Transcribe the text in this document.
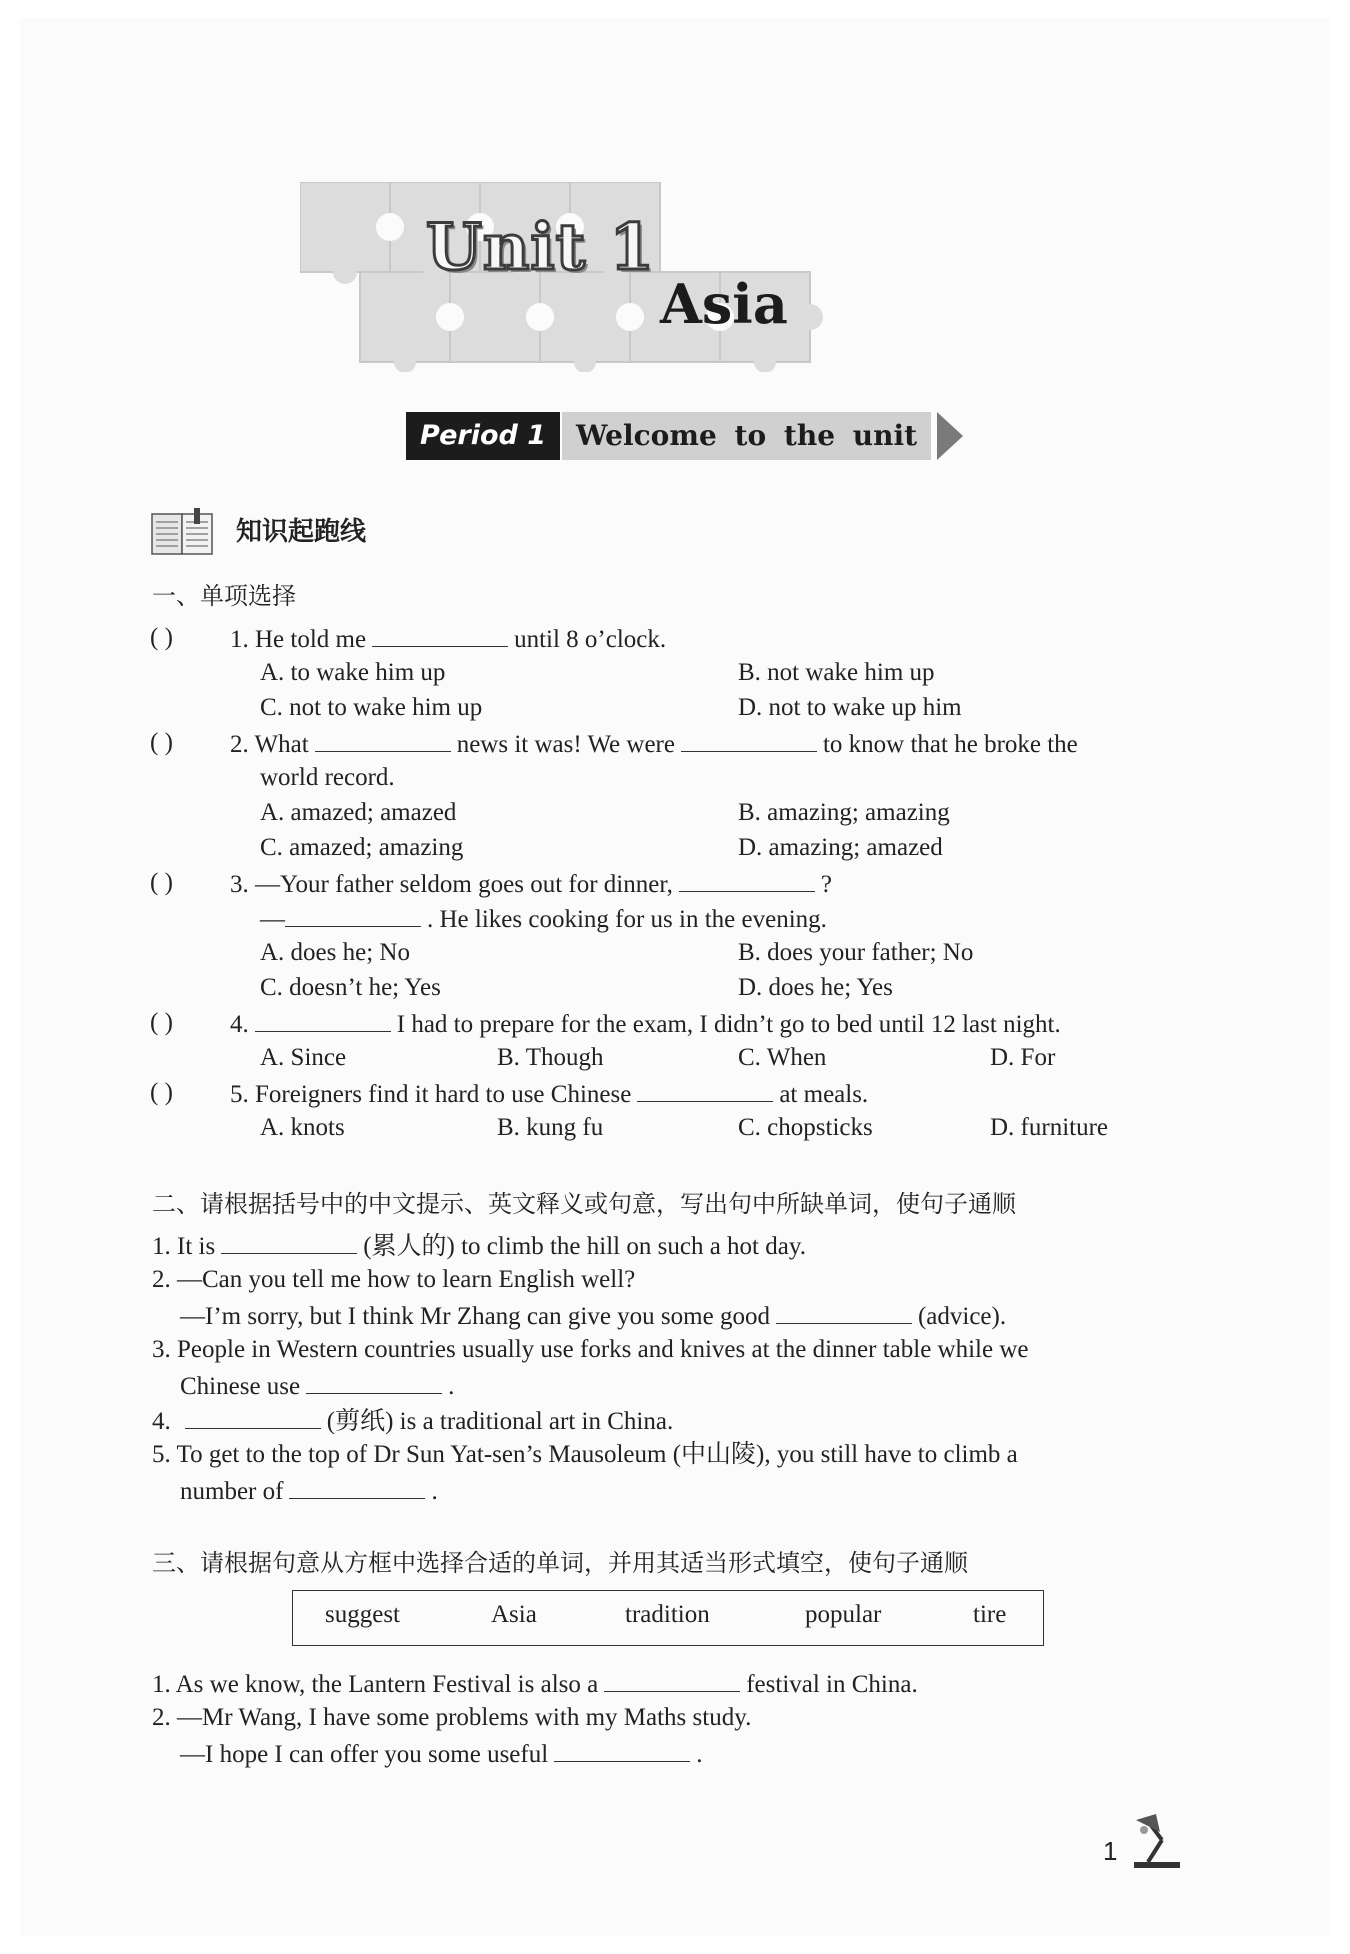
Unit 1
Asia
Period 1	Welcome to the unit
知识起跑线
一、单项选择
( ) 1. He told me	until 8 o’clock.
A. to wake him up	B. not wake him up
C. not to wake him up	D. not to wake up him
( ) 2. What	news it was! We were	to know that he broke the
world record.
A. amazed; amazed	B. amazing; amazing
C. amazed; amazing	D. amazing; amazed
( ) 3. —Your father seldom goes out for dinner,	?
—	. He likes cooking for us in the evening.
A. does he; No	B. does your father; No
C. doesn’t he; Yes	D. does he; Yes
( ) 4.	I had to prepare for the exam, I didn’t go to bed until 12 last night.
A. Since	B. Though	C. When	D. For
( ) 5. Foreigners find it hard to use Chinese	at meals.
A. knots	B. kung fu	C. chopsticks	D. furniture
二、请根据括号中的中文提示、英文释义或句意，写出句中所缺单词，使句子通顺
1. It is	(累人的) to climb the hill on such a hot day.
2. —Can you tell me how to learn English well?
—I’m sorry, but I think Mr Zhang can give you some good	(advice).
3. People in Western countries usually use forks and knives at the dinner table while we
Chinese use	.
4.	(剪纸) is a traditional art in China.
5. To get to the top of Dr Sun Yat-sen’s Mausoleum (中山陵), you still have to climb a
number of	.
三、请根据句意从方框中选择合适的单词，并用其适当形式填空，使句子通顺
suggest	Asia	tradition	popular	tire
1. As we know, the Lantern Festival is also a	festival in China.
2. —Mr Wang, I have some problems with my Maths study.
—I hope I can offer you some useful	.
1
